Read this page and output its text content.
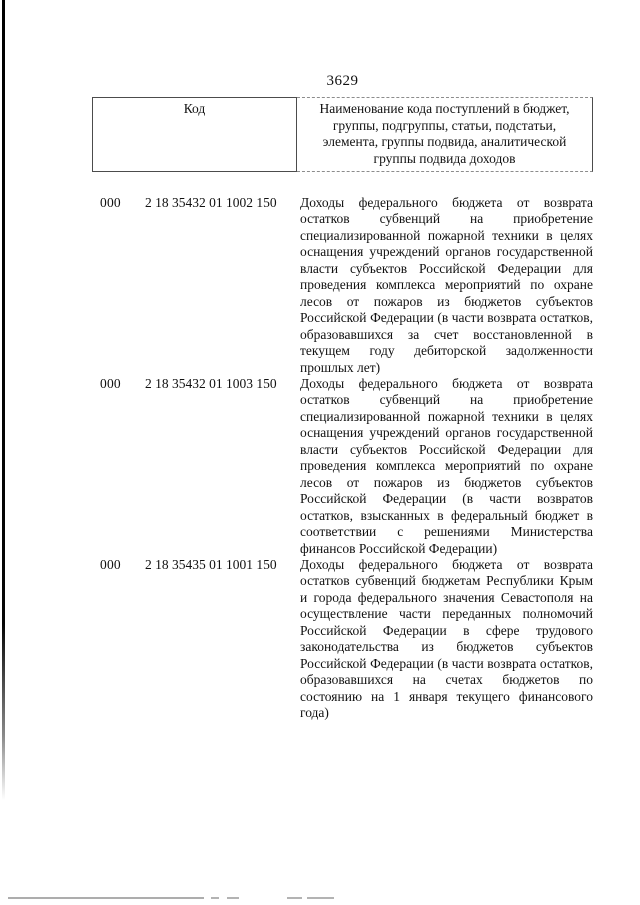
3629
Код	Наименование кода поступлений в бюджет, группы, подгруппы, статьи, подстатьи, элемента, группы подвида, аналитической группы подвида доходов
000	2 18 35432 01 1002 150	Доходы федерального бюджета от возврата остатков субвенций на приобретение специализированной пожарной техники в целях оснащения учреждений органов государственной власти субъектов Российской Федерации для проведения комплекса мероприятий по охране лесов от пожаров из бюджетов субъектов Российской Федерации (в части возврата остатков, образовавшихся за счет восстановленной в текущем году дебиторской задолженности прошлых лет)
000	2 18 35432 01 1003 150	Доходы федерального бюджета от возврата остатков субвенций на приобретение специализированной пожарной техники в целях оснащения учреждений органов государственной власти субъектов Российской Федерации для проведения комплекса мероприятий по охране лесов от пожаров из бюджетов субъектов Российской Федерации (в части возвратов остатков, взысканных в федеральный бюджет в соответствии с решениями Министерства финансов Российской Федерации)
000	2 18 35435 01 1001 150	Доходы федерального бюджета от возврата остатков субвенций бюджетам Республики Крым и города федерального значения Севастополя на осуществление части переданных полномочий Российской Федерации в сфере трудового законодательства из бюджетов субъектов Российской Федерации (в части возврата остатков, образовавшихся на счетах бюджетов по состоянию на 1 января текущего финансового года)
